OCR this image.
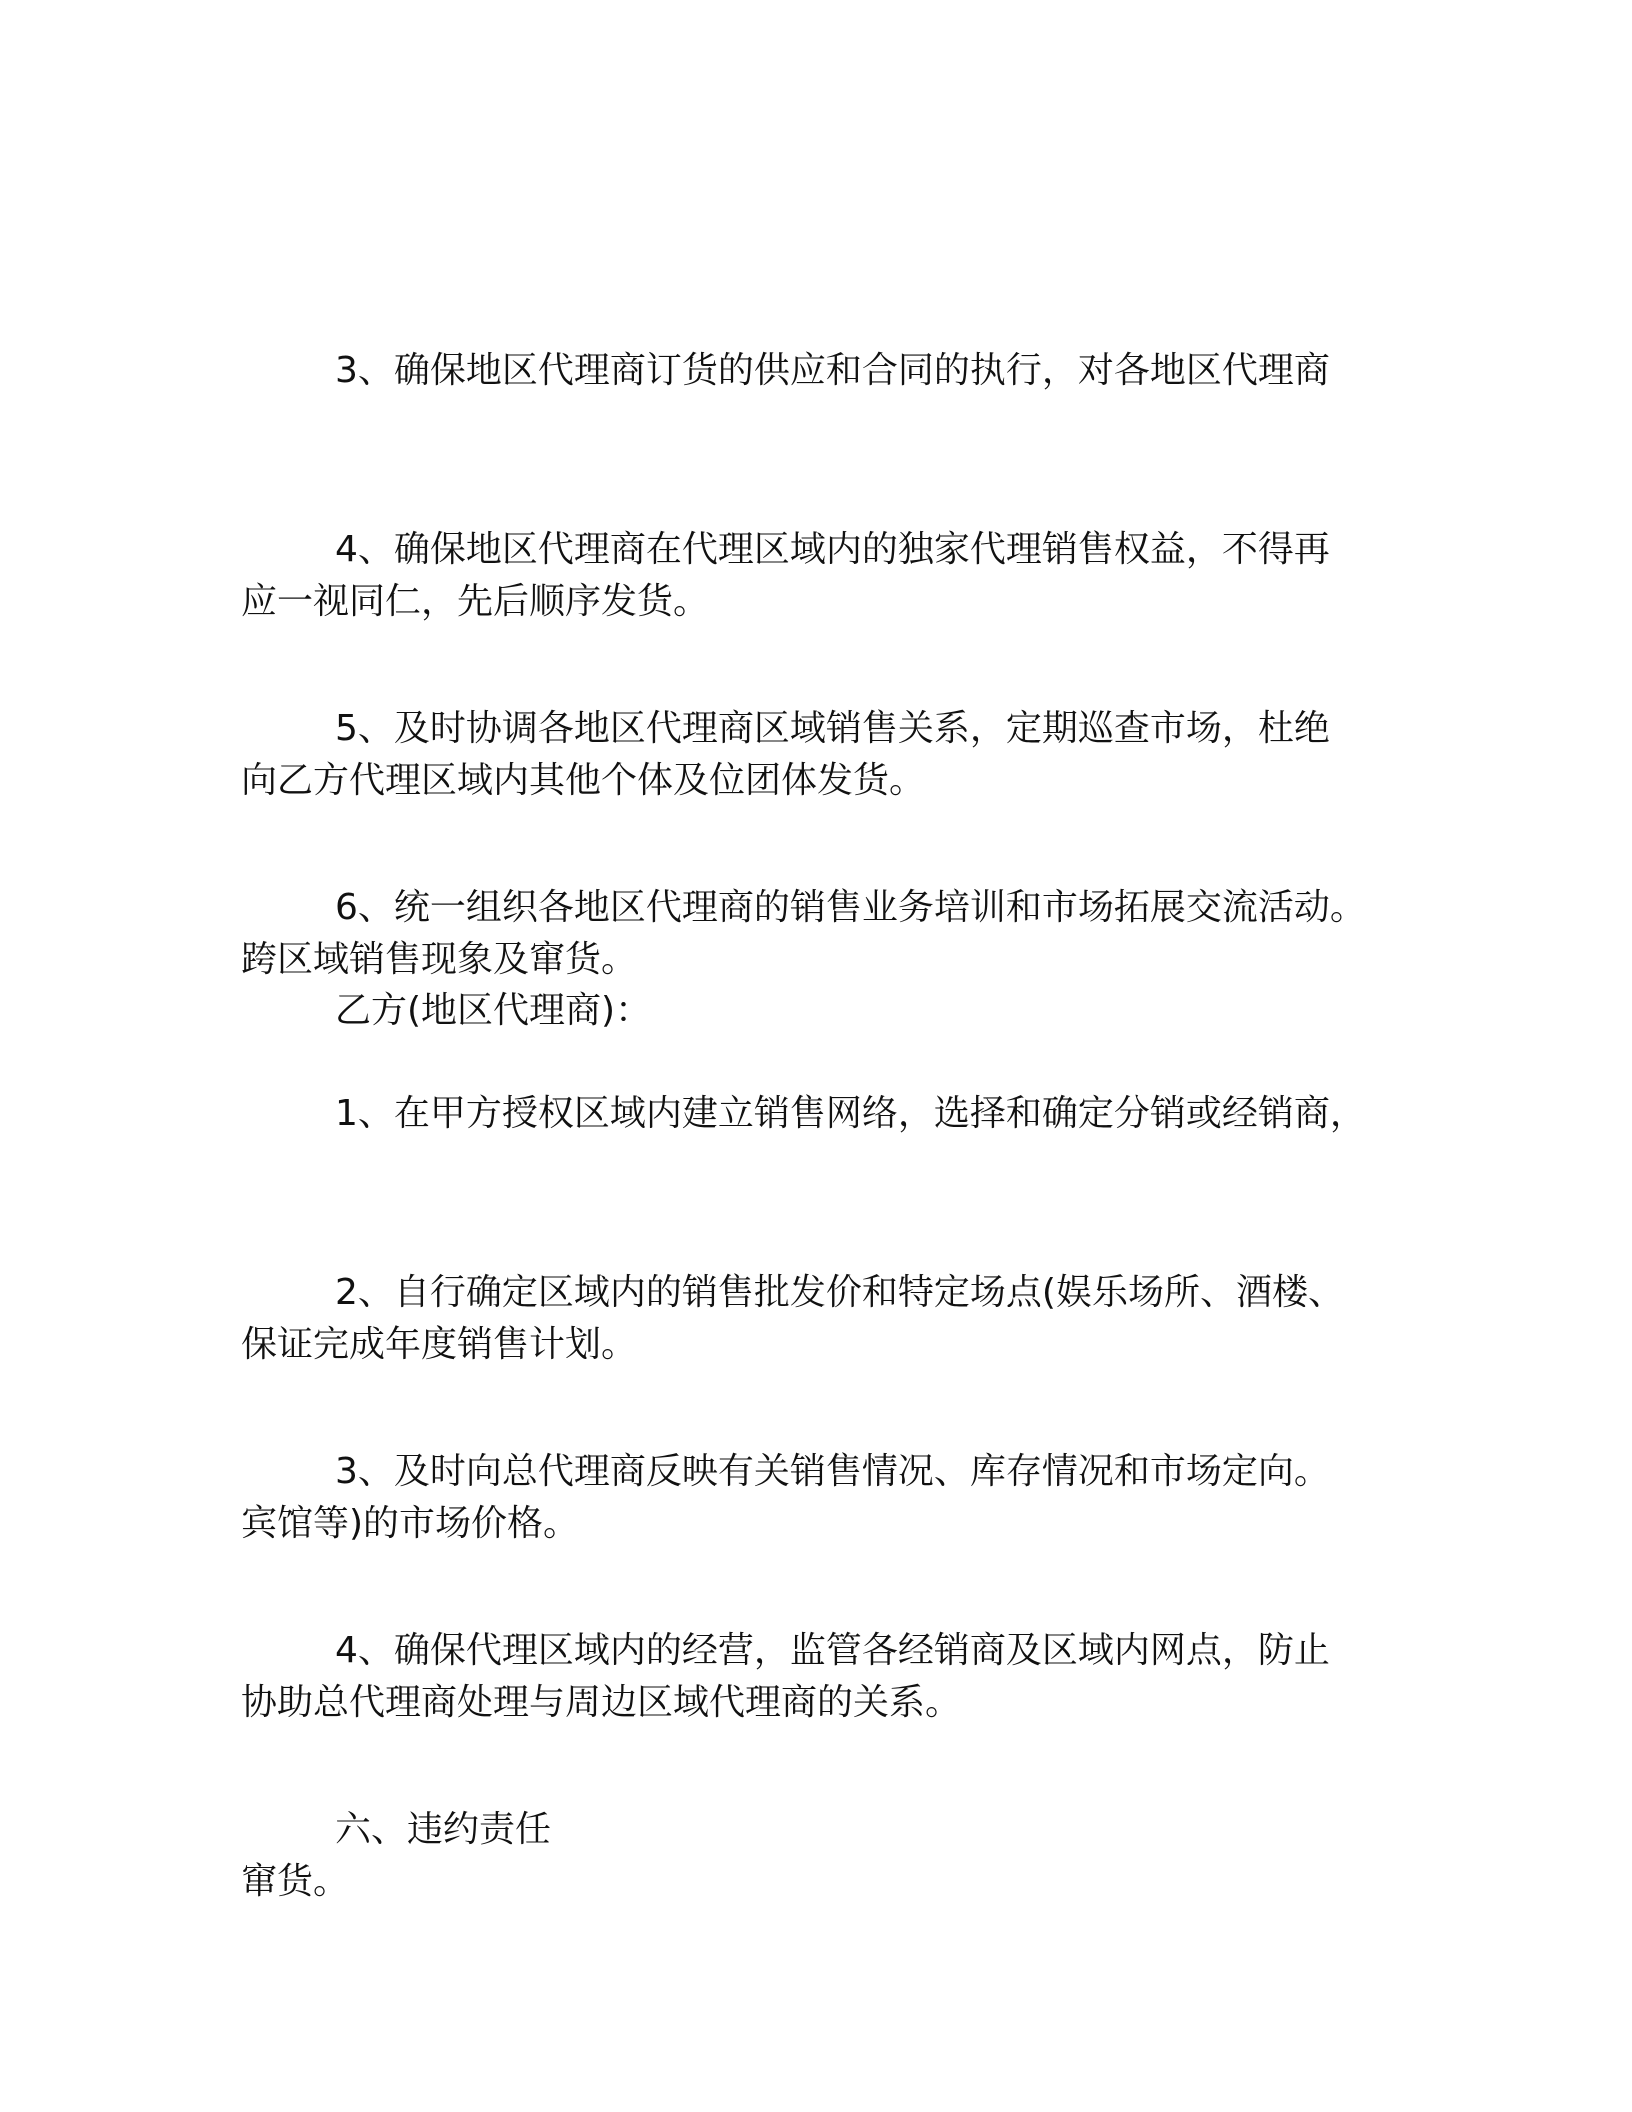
3、确保地区代理商订货的供应和合同的执行，对各地区代理商

应一视同仁，先后顺序发货。

4、确保地区代理商在代理区域内的独家代理销售权益，不得再

向乙方代理区域内其他个体及位团体发货。

5、及时协调各地区代理商区域销售关系，定期巡查市场，杜绝

跨区域销售现象及窜货。

6、统一组织各地区代理商的销售业务培训和市场拓展交流活动。

乙方(地区代理商)：

1、在甲方授权区域内建立销售网络，选择和确定分销或经销商，

保证完成年度销售计划。

2、自行确定区域内的销售批发价和特定场点(娱乐场所、酒楼、

宾馆等)的市场价格。

3、及时向总代理商反映有关销售情况、库存情况和市场定向。

协助总代理商处理与周边区域代理商的关系。

4、确保代理区域内的经营，监管各经销商及区域内网点，防止

窜货。

六、违约责任
